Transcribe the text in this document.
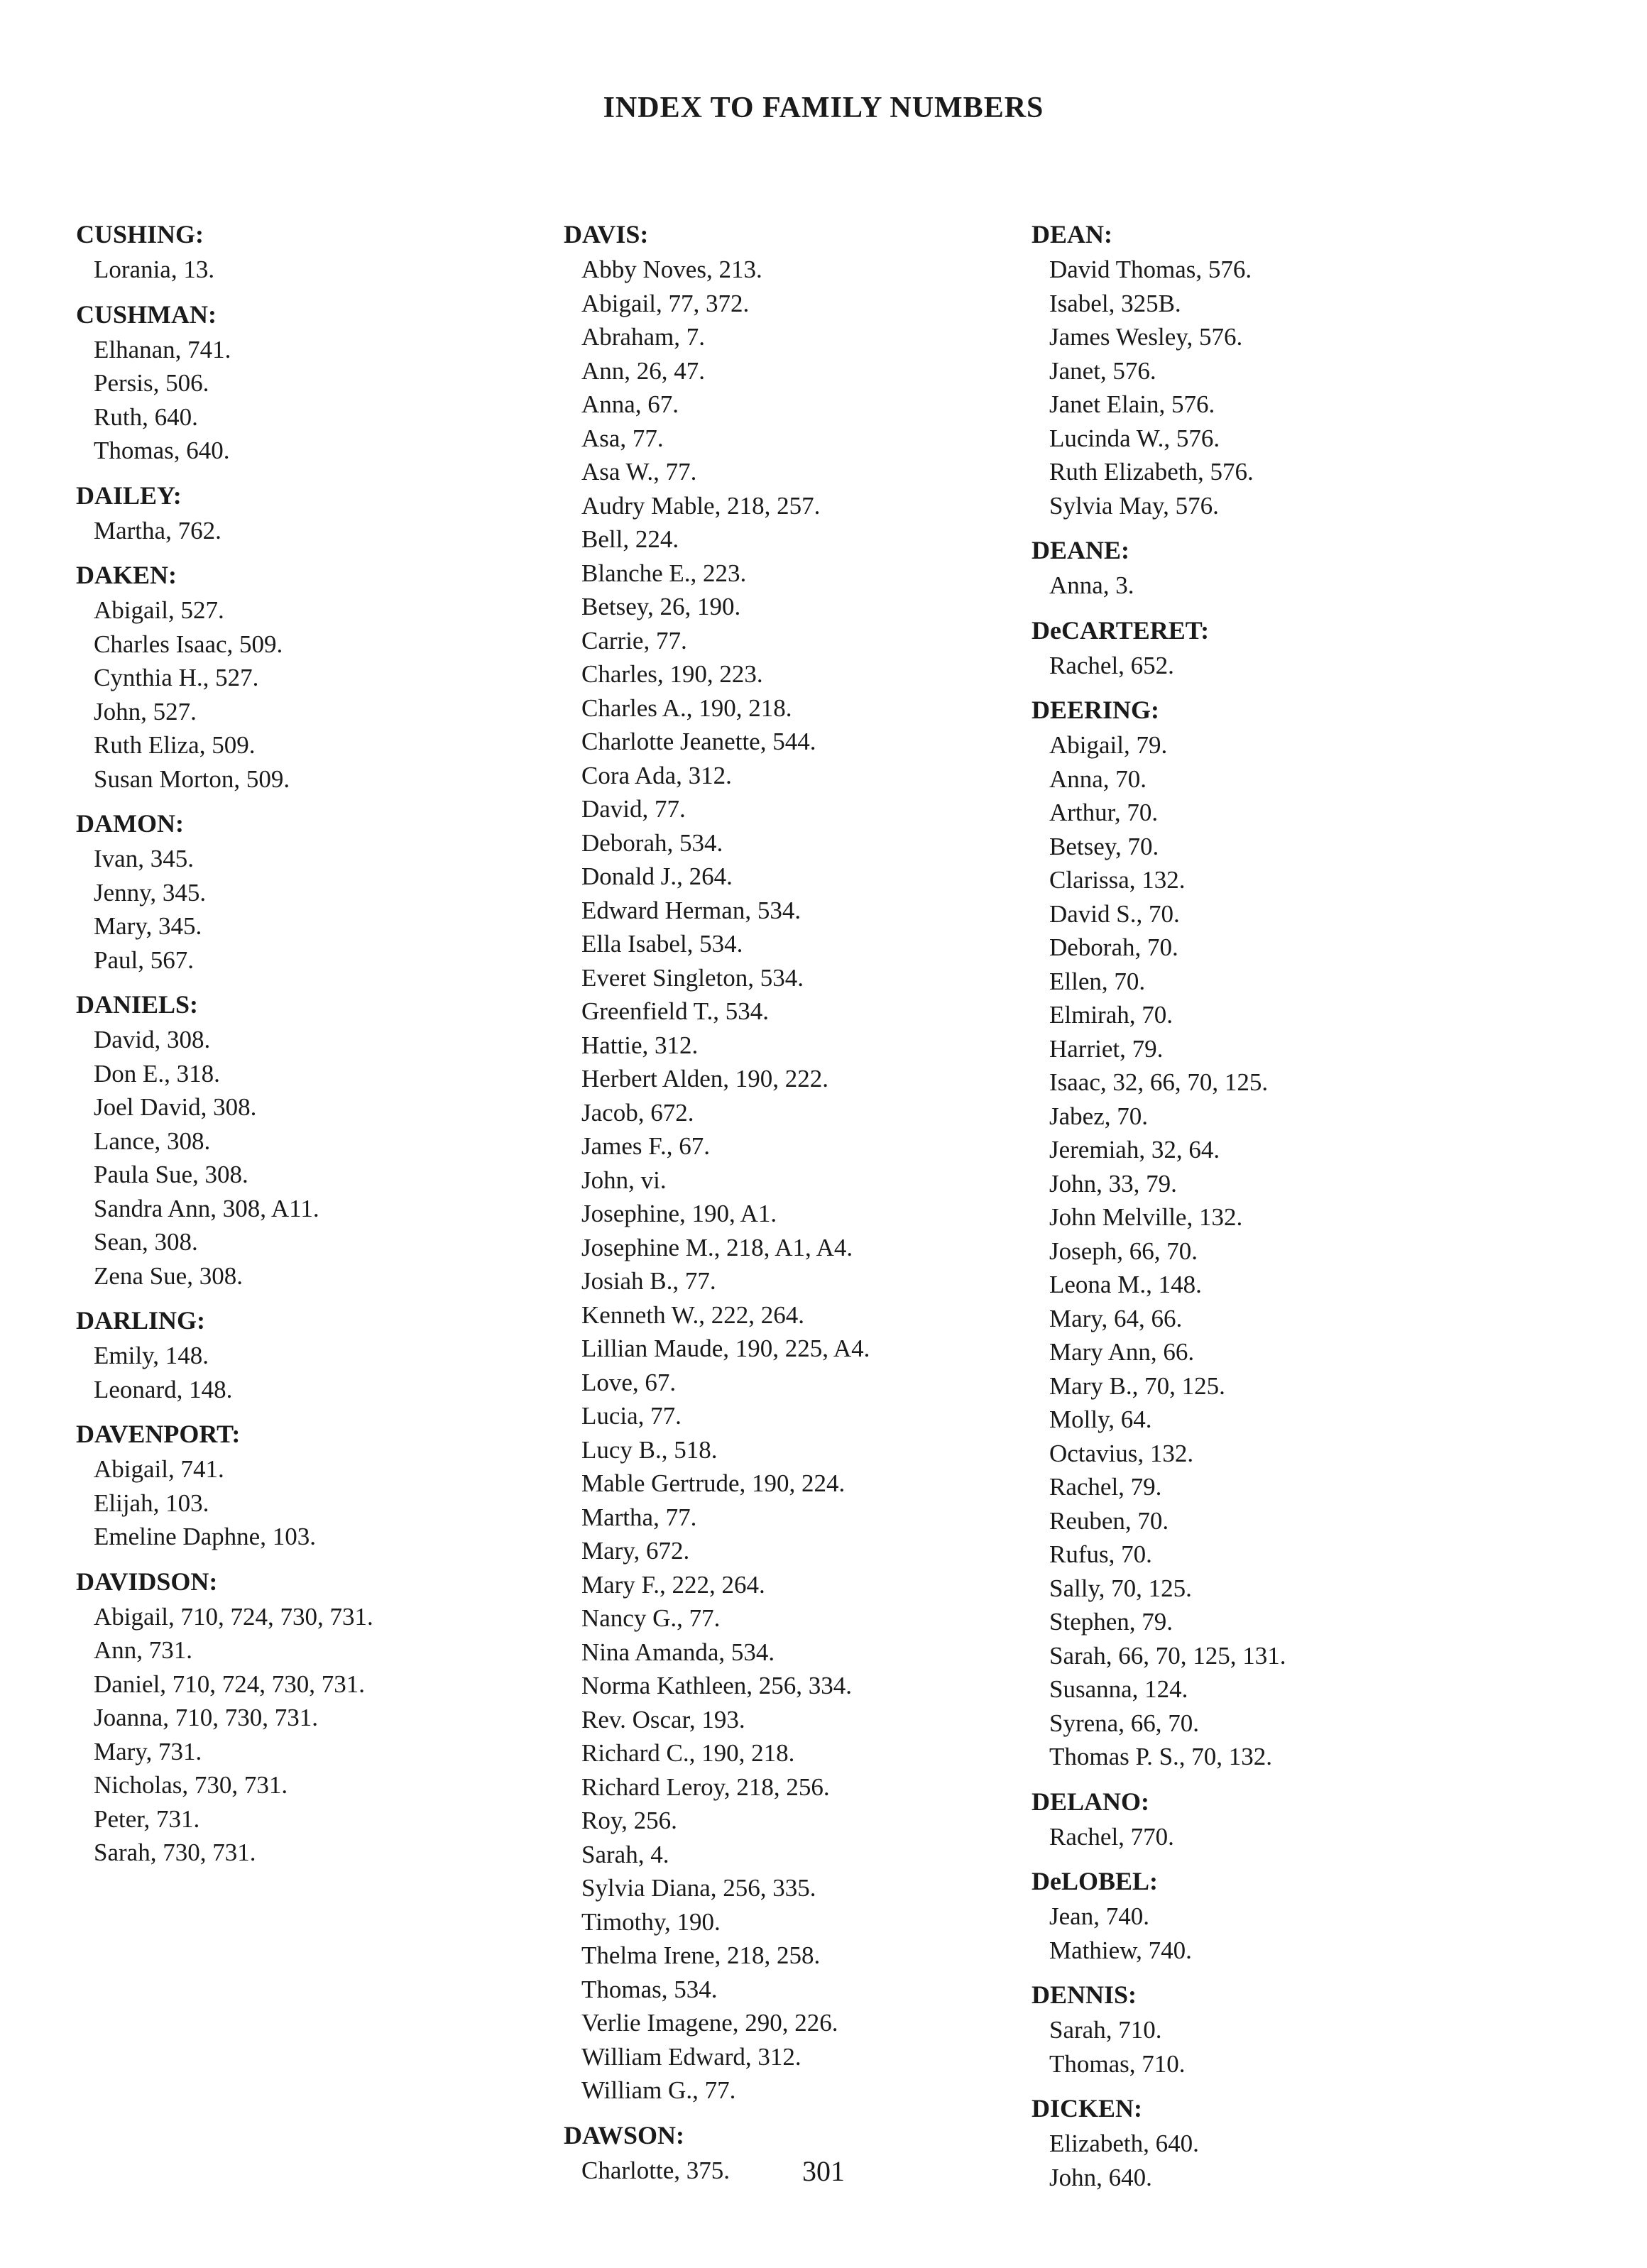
INDEX TO FAMILY NUMBERS
CUSHING:
Lorania, 13.
CUSHMAN:
Elhanan, 741.
Persis, 506.
Ruth, 640.
Thomas, 640.
DAILEY:
Martha, 762.
DAKEN:
Abigail, 527.
Charles Isaac, 509.
Cynthia H., 527.
John, 527.
Ruth Eliza, 509.
Susan Morton, 509.
DAMON:
Ivan, 345.
Jenny, 345.
Mary, 345.
Paul, 567.
DANIELS:
David, 308.
Don E., 318.
Joel David, 308.
Lance, 308.
Paula Sue, 308.
Sandra Ann, 308, A11.
Sean, 308.
Zena Sue, 308.
DARLING:
Emily, 148.
Leonard, 148.
DAVENPORT:
Abigail, 741.
Elijah, 103.
Emeline Daphne, 103.
DAVIDSON:
Abigail, 710, 724, 730, 731.
Ann, 731.
Daniel, 710, 724, 730, 731.
Joanna, 710, 730, 731.
Mary, 731.
Nicholas, 730, 731.
Peter, 731.
Sarah, 730, 731.
DAVIS:
Abby Noves, 213.
Abigail, 77, 372.
Abraham, 7.
Ann, 26, 47.
Anna, 67.
Asa, 77.
Asa W., 77.
Audry Mable, 218, 257.
Bell, 224.
Blanche E., 223.
Betsey, 26, 190.
Carrie, 77.
Charles, 190, 223.
Charles A., 190, 218.
Charlotte Jeanette, 544.
Cora Ada, 312.
David, 77.
Deborah, 534.
Donald J., 264.
Edward Herman, 534.
Ella Isabel, 534.
Everet Singleton, 534.
Greenfield T., 534.
Hattie, 312.
Herbert Alden, 190, 222.
Jacob, 672.
James F., 67.
John, vi.
Josephine, 190, A1.
Josephine M., 218, A1, A4.
Josiah B., 77.
Kenneth W., 222, 264.
Lillian Maude, 190, 225, A4.
Love, 67.
Lucia, 77.
Lucy B., 518.
Mable Gertrude, 190, 224.
Martha, 77.
Mary, 672.
Mary F., 222, 264.
Nancy G., 77.
Nina Amanda, 534.
Norma Kathleen, 256, 334.
Rev. Oscar, 193.
Richard C., 190, 218.
Richard Leroy, 218, 256.
Roy, 256.
Sarah, 4.
Sylvia Diana, 256, 335.
Timothy, 190.
Thelma Irene, 218, 258.
Thomas, 534.
Verlie Imagene, 290, 226.
William Edward, 312.
William G., 77.
DAWSON:
Charlotte, 375.
DEAN:
David Thomas, 576.
Isabel, 325B.
James Wesley, 576.
Janet, 576.
Janet Elain, 576.
Lucinda W., 576.
Ruth Elizabeth, 576.
Sylvia May, 576.
DEANE:
Anna, 3.
DeCARTERET:
Rachel, 652.
DEERING:
Abigail, 79.
Anna, 70.
Arthur, 70.
Betsey, 70.
Clarissa, 132.
David S., 70.
Deborah, 70.
Ellen, 70.
Elmirah, 70.
Harriet, 79.
Isaac, 32, 66, 70, 125.
Jabez, 70.
Jeremiah, 32, 64.
John, 33, 79.
John Melville, 132.
Joseph, 66, 70.
Leona M., 148.
Mary, 64, 66.
Mary Ann, 66.
Mary B., 70, 125.
Molly, 64.
Octavius, 132.
Rachel, 79.
Reuben, 70.
Rufus, 70.
Sally, 70, 125.
Stephen, 79.
Sarah, 66, 70, 125, 131.
Susanna, 124.
Syrena, 66, 70.
Thomas P. S., 70, 132.
DELANO:
Rachel, 770.
DeLOBEL:
Jean, 740.
Mathiew, 740.
DENNIS:
Sarah, 710.
Thomas, 710.
DICKEN:
Elizabeth, 640.
John, 640.
301
